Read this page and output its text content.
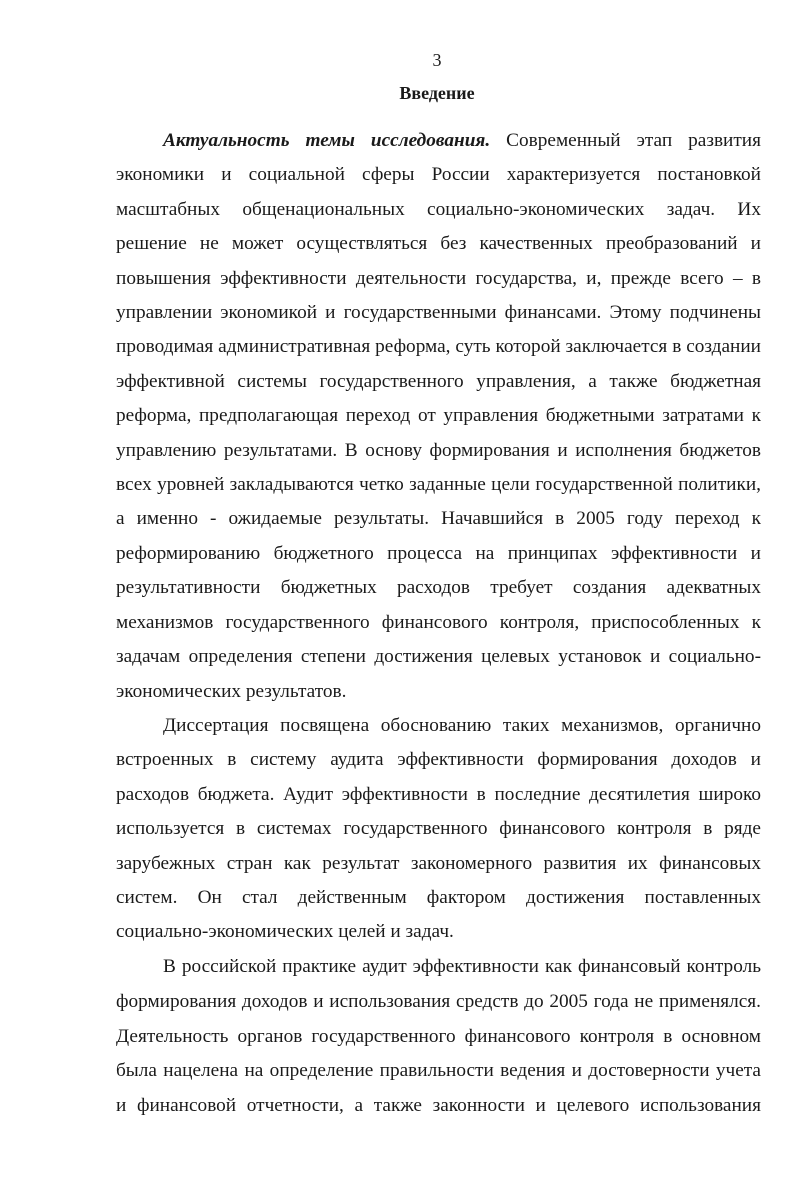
3
Введение

Актуальность темы исследования. Современный этап развития экономики и социальной сферы России характеризуется постановкой масштабных общенациональных социально-экономических задач. Их решение не может осуществляться без качественных преобразований и повышения эффективности деятельности государства, и, прежде всего – в управлении экономикой и государственными финансами. Этому подчинены проводимая административная реформа, суть которой заключается в создании эффективной системы государственного управления, а также бюджетная реформа, предполагающая переход от управления бюджетными затратами к управлению результатами. В основу формирования и исполнения бюджетов всех уровней закладываются четко заданные цели государственной политики, а именно - ожидаемые результаты. Начавшийся в 2005 году переход к реформированию бюджетного процесса на принципах эффективности и результативности бюджетных расходов требует создания адекватных механизмов государственного финансового контроля, приспособленных к задачам определения степени достижения целевых установок и социально-экономических результатов.

Диссертация посвящена обоснованию таких механизмов, органично встроенных в систему аудита эффективности формирования доходов и расходов бюджета. Аудит эффективности в последние десятилетия широко используется в системах государственного финансового контроля в ряде зарубежных стран как результат закономерного развития их финансовых систем. Он стал действенным фактором достижения поставленных социально-экономических целей и задач.

В российской практике аудит эффективности как финансовый контроль формирования доходов и использования средств до 2005 года не применялся. Деятельность органов государственного финансового контроля в основном была нацелена на определение правильности ведения и достоверности учета и финансовой отчетности, а также законности и целевого использования
